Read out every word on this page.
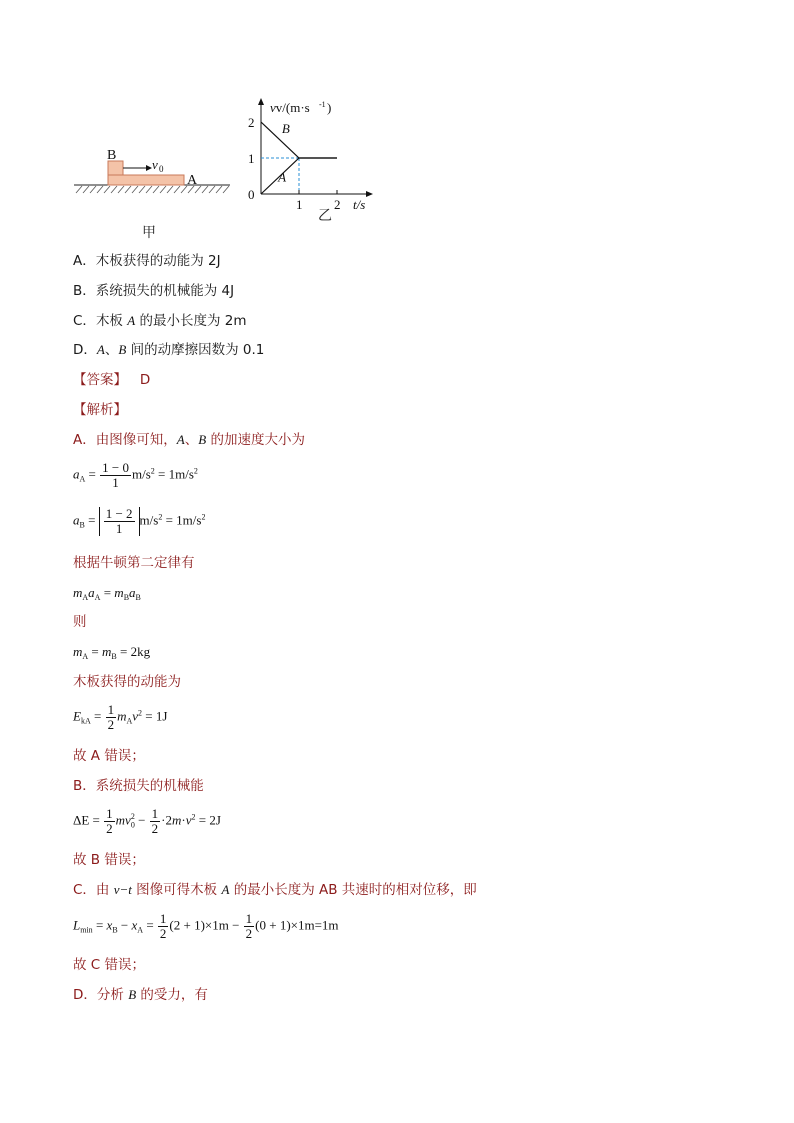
B
A
v 0
甲
vv/(m·s -1 )
t/s
乙
2
1
0
1 2
B
A
A．木板获得的动能为 2J
B．系统损失的机械能为 4J
C．木板 A 的最小长度为 2m
D．A、B 间的动摩擦因数为 0.1
【答案】 D
【解析】
A．由图像可知，A、B 的加速度大小为
$a_A = \frac{1 - 0}{1} m/s^2 = 1m/s^2$
$a_B = \frac{1 - 2}{1} m/s^2 = 1m/s^2$
根据牛顿第二定律有
$m_Aa_A = m_Ba_B$
则
$m_A = m_B = 2kg$
木板获得的动能为
$E_{kA} = \frac{1}{2} m_Av^2 = 1J$
故 A 错误；
B．系统损失的机械能
$\Delta E = \frac{1}{2} mv_0^2 - \frac{1}{2} \cdot 2m\cdot v^2 = 2J$
故 B 错误；
C．由 v−t 图像可得木板 A 的最小长度为 AB 共速时的相对位移，即
$L_{min} = x_B - x_A = \frac{1}{2} (2 + 1)\times 1m - \frac{1}{2} (0 + 1)\times 1m=1m$
故 C 错误；
D．分析 B 的受力，有
